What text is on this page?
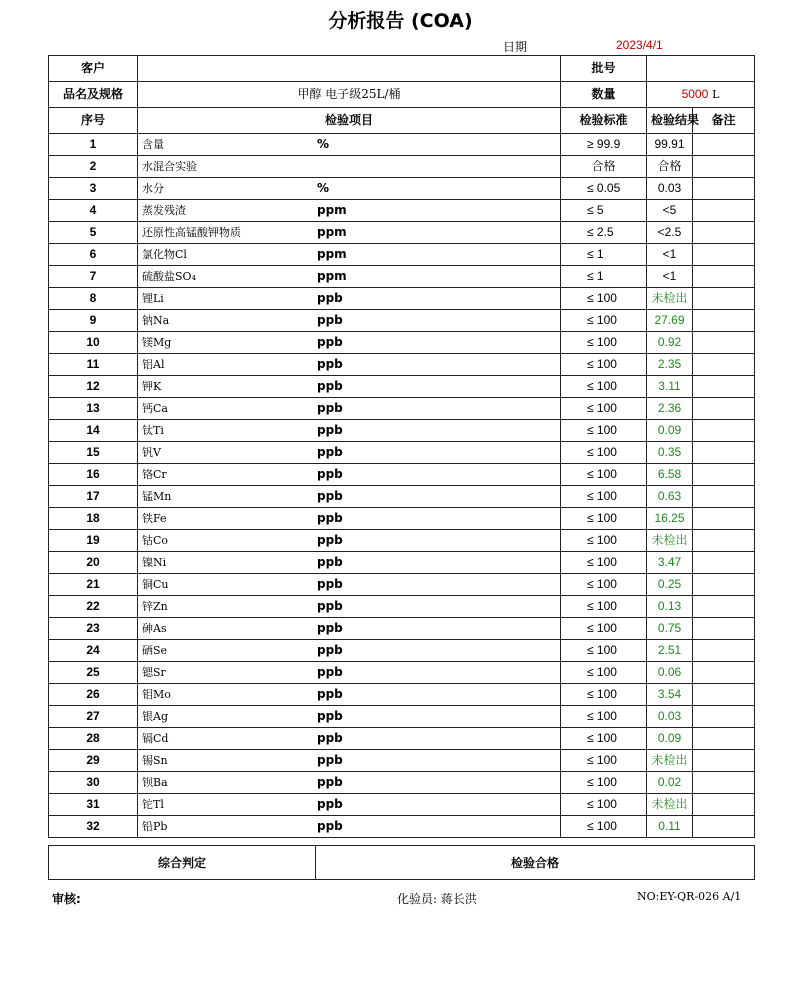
分析报告 (COA)
日期	2023/4/1
客户		批号		
品名及规格	甲醇 电子级25L/桶	数量	5000 L	
序号	检验项目	检验标准	检验结果	备注
1	含量 %	≥ 99.9	99.91	
2	水混合实验	合格	合格	
3	水分 %	≤ 0.05	0.03	
4	蒸发残渣 ppm	≤ 5	<5	
5	还原性高锰酸钾物质 ppm	≤ 2.5	<2.5	
6	氯化物Cl ppm	≤ 1	<1	
7	硫酸盐SO₄ ppm	≤ 1	<1	
8	锂Li ppb	≤ 100	未检出	
9	钠Na ppb	≤ 100	27.69	
10	镁Mg ppb	≤ 100	0.92	
11	铝Al ppb	≤ 100	2.35	
12	钾K ppb	≤ 100	3.11	
13	钙Ca ppb	≤ 100	2.36	
14	钛Ti ppb	≤ 100	0.09	
15	钒V ppb	≤ 100	0.35	
16	铬Cr ppb	≤ 100	6.58	
17	锰Mn ppb	≤ 100	0.63	
18	铁Fe ppb	≤ 100	16.25	
19	钴Co ppb	≤ 100	未检出	
20	镍Ni ppb	≤ 100	3.47	
21	铜Cu ppb	≤ 100	0.25	
22	锌Zn ppb	≤ 100	0.13	
23	砷As ppb	≤ 100	0.75	
24	硒Se ppb	≤ 100	2.51	
25	锶Sr ppb	≤ 100	0.06	
26	钼Mo ppb	≤ 100	3.54	
27	银Ag ppb	≤ 100	0.03	
28	镉Cd ppb	≤ 100	0.09	
29	锡Sn ppb	≤ 100	未检出	
30	钡Ba ppb	≤ 100	0.02	
31	铊Tl ppb	≤ 100	未检出	
32	铅Pb ppb	≤ 100	0.11	
综合判定	检验合格
审核:	化验员: 蒋长洪	NO:EY-QR-026 A/1
